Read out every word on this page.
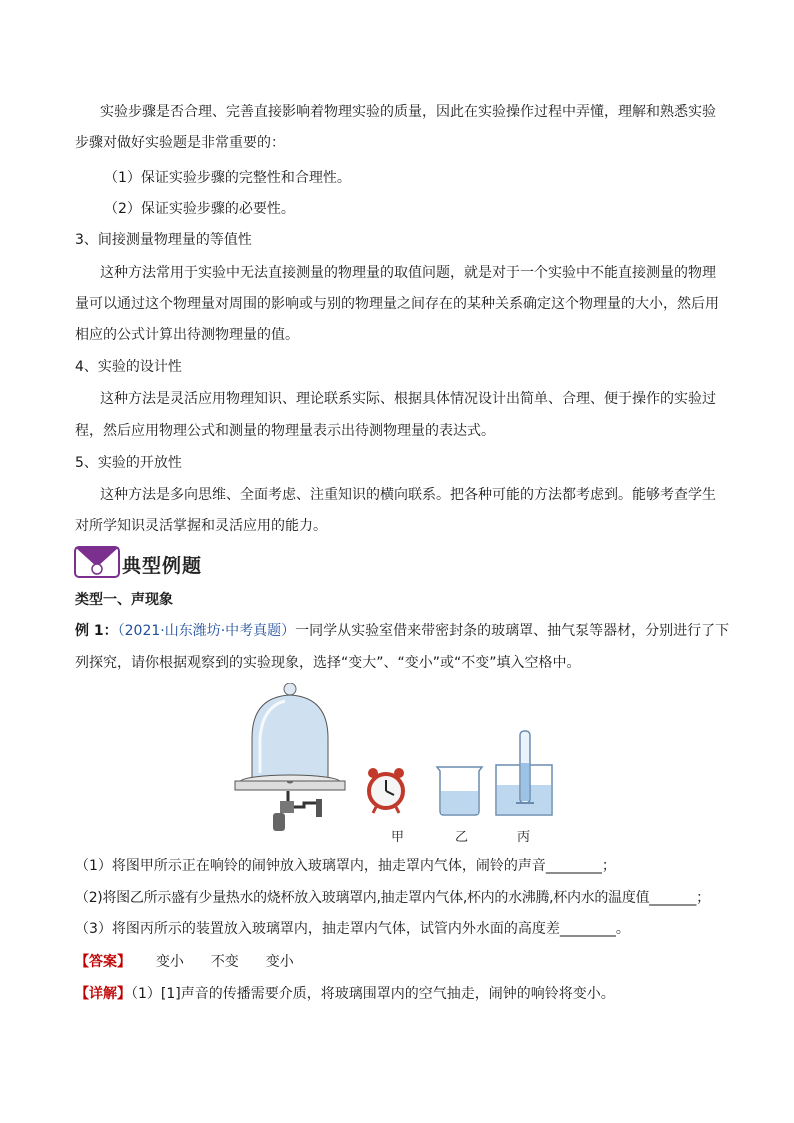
实验步骤是否合理、完善直接影响着物理实验的质量，因此在实验操作过程中弄懂，理解和熟悉实验
步骤对做好实验题是非常重要的：
（1）保证实验步骤的完整性和合理性。
（2）保证实验步骤的必要性。
3、间接测量物理量的等值性
这种方法常用于实验中无法直接测量的物理量的取值问题，就是对于一个实验中不能直接测量的物理
量可以通过这个物理量对周围的影响或与别的物理量之间存在的某种关系确定这个物理量的大小，然后用
相应的公式计算出待测物理量的值。
4、实验的设计性
这种方法是灵活应用物理知识、理论联系实际、根据具体情况设计出简单、合理、便于操作的实验过
程，然后应用物理公式和测量的物理量表示出待测物理量的表达式。
5、实验的开放性
这种方法是多向思维、全面考虑、注重知识的横向联系。把各种可能的方法都考虑到。能够考查学生
对所学知识灵活掌握和灵活应用的能力。
典型例题
类型一、声现象
例 1：（2021·山东潍坊·中考真题）一同学从实验室借来带密封条的玻璃罩、抽气泵等器材，分别进行了下
列探究，请你根据观察到的实验现象，选择“变大”、“变小”或“不变”填入空格中。
甲	乙	丙
（1）将图甲所示正在响铃的闹钟放入玻璃罩内，抽走罩内气体，闹铃的声音________；
（2)将图乙所示盛有少量热水的烧杯放入玻璃罩内,抽走罩内气体,杯内的水沸腾,杯内水的温度值_______；
（3）将图丙所示的装置放入玻璃罩内，抽走罩内气体，试管内外水面的高度差________。
【答案】 变小 不变 变小
【详解】（1）[1]声音的传播需要介质，将玻璃围罩内的空气抽走，闹钟的响铃将变小。
